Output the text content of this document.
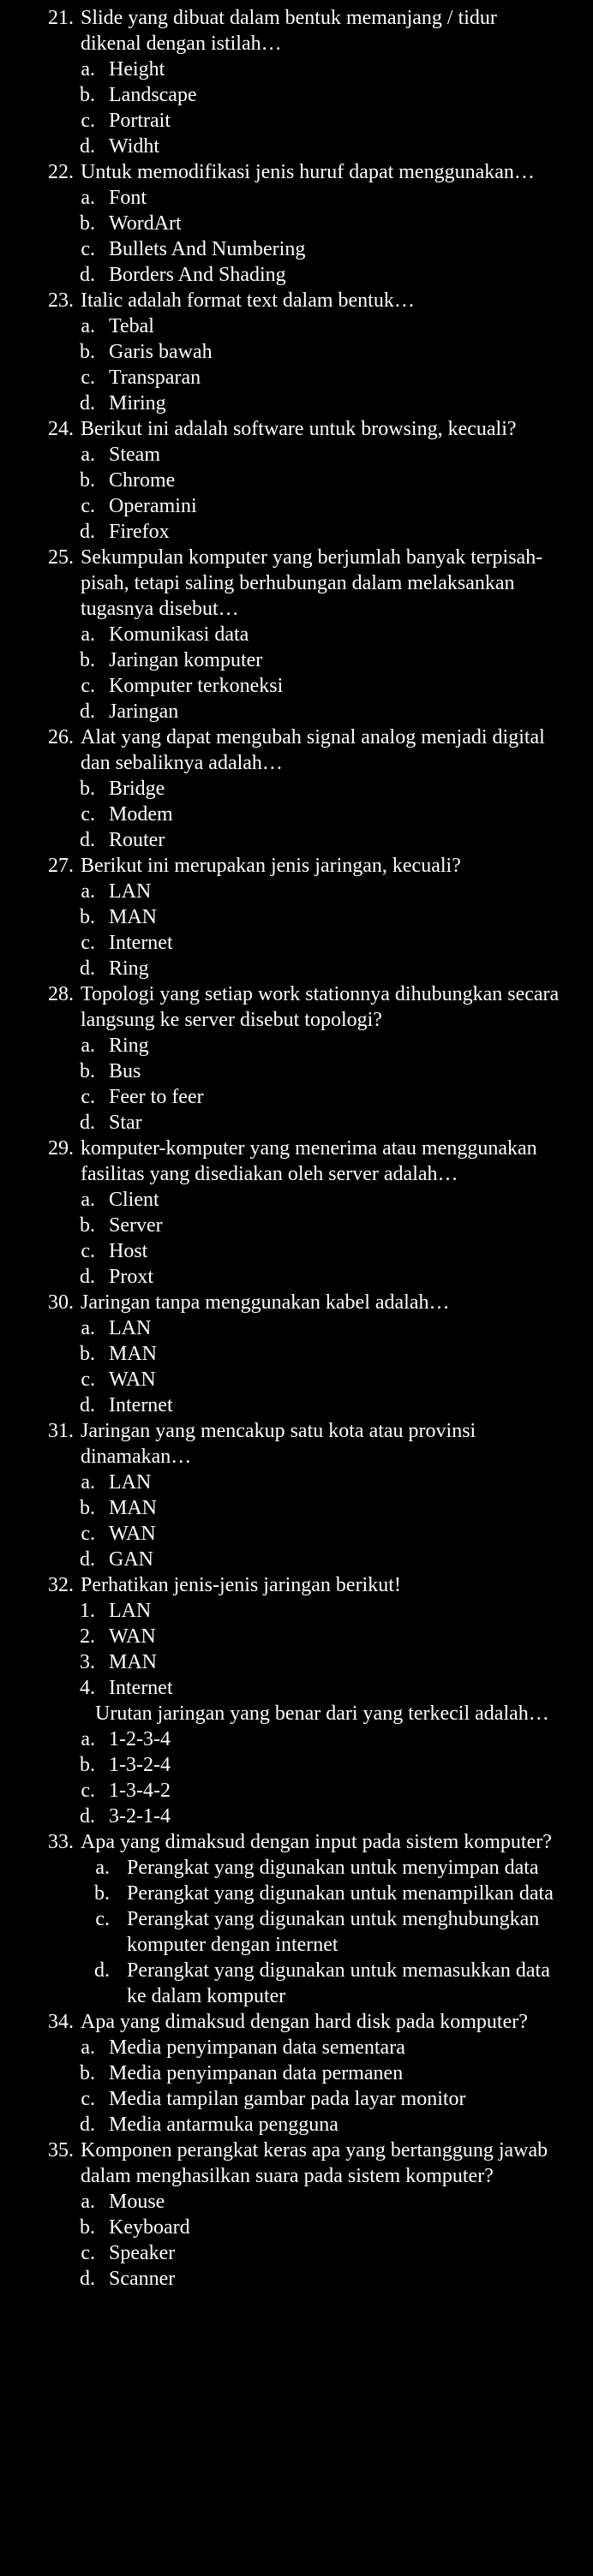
21. Slide yang dibuat dalam bentuk memanjang / tidur dikenal dengan istilah…
a. Height
b. Landscape
c. Portrait
d. Widht
22. Untuk memodifikasi jenis huruf dapat menggunakan…
a. Font
b. WordArt
c. Bullets And Numbering
d. Borders And Shading
23. Italic adalah format text dalam bentuk…
a. Tebal
b. Garis bawah
c. Transparan
d. Miring
24. Berikut ini adalah software untuk browsing, kecuali?
a. Steam
b. Chrome
c. Operamini
d. Firefox
25. Sekumpulan komputer yang berjumlah banyak terpisah-pisah, tetapi saling berhubungan dalam melaksankan tugasnya disebut…
a. Komunikasi data
b. Jaringan komputer
c. Komputer terkoneksi
d. Jaringan
26. Alat yang dapat mengubah signal analog menjadi digital dan sebaliknya adalah…
b. Bridge
c. Modem
d. Router
27. Berikut ini merupakan jenis jaringan, kecuali?
a. LAN
b. MAN
c. Internet
d. Ring
28. Topologi yang setiap work stationnya dihubungkan secara langsung ke server disebut topologi?
a. Ring
b. Bus
c. Feer to feer
d. Star
29. komputer-komputer yang menerima atau menggunakan fasilitas yang disediakan oleh server adalah…
a. Client
b. Server
c. Host
d. Proxt
30. Jaringan tanpa menggunakan kabel adalah…
a. LAN
b. MAN
c. WAN
d. Internet
31. Jaringan yang mencakup satu kota atau provinsi dinamakan…
a. LAN
b. MAN
c. WAN
d. GAN
32. Perhatikan jenis-jenis jaringan berikut!
1. LAN
2. WAN
3. MAN
4. Internet
Urutan jaringan yang benar dari yang terkecil adalah…
a. 1-2-3-4
b. 1-3-2-4
c. 1-3-4-2
d. 3-2-1-4
33. Apa yang dimaksud dengan input pada sistem komputer?
a. Perangkat yang digunakan untuk menyimpan data
b. Perangkat yang digunakan untuk menampilkan data
c. Perangkat yang digunakan untuk menghubungkan komputer dengan internet
d. Perangkat yang digunakan untuk memasukkan data ke dalam komputer
34. Apa yang dimaksud dengan hard disk pada komputer?
a. Media penyimpanan data sementara
b. Media penyimpanan data permanen
c. Media tampilan gambar pada layar monitor
d. Media antarmuka pengguna
35. Komponen perangkat keras apa yang bertanggung jawab dalam menghasilkan suara pada sistem komputer?
a. Mouse
b. Keyboard
c. Speaker
d. Scanner
